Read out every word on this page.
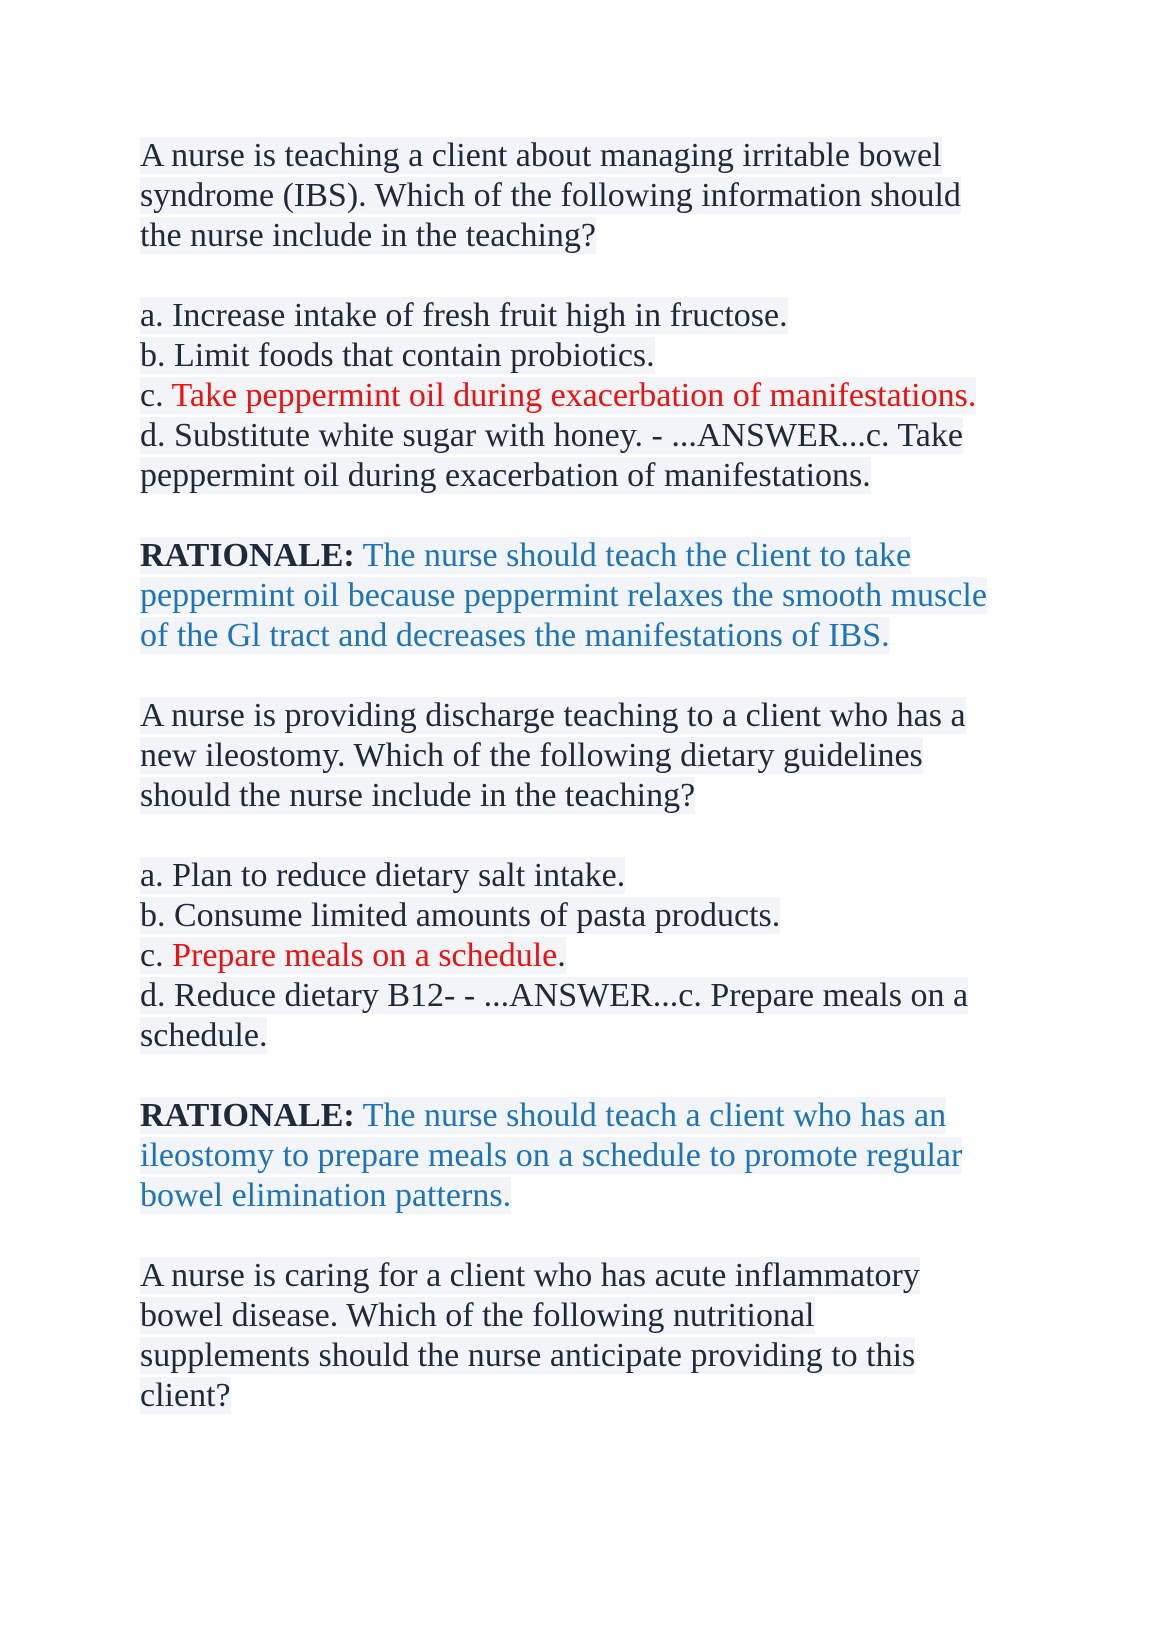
A nurse is teaching a client about managing irritable bowel
syndrome (IBS). Which of the following information should
the nurse include in the teaching?
a. Increase intake of fresh fruit high in fructose.
b. Limit foods that contain probiotics.
c. Take peppermint oil during exacerbation of manifestations.
d. Substitute white sugar with honey. - ...ANSWER...c. Take
peppermint oil during exacerbation of manifestations.
RATIONALE: The nurse should teach the client to take
peppermint oil because peppermint relaxes the smooth muscle
of the Gl tract and decreases the manifestations of IBS.
A nurse is providing discharge teaching to a client who has a
new ileostomy. Which of the following dietary guidelines
should the nurse include in the teaching?
a. Plan to reduce dietary salt intake.
b. Consume limited amounts of pasta products.
c. Prepare meals on a schedule.
d. Reduce dietary B12- - ...ANSWER...c. Prepare meals on a
schedule.
RATIONALE: The nurse should teach a client who has an
ileostomy to prepare meals on a schedule to promote regular
bowel elimination patterns.
A nurse is caring for a client who has acute inflammatory
bowel disease. Which of the following nutritional
supplements should the nurse anticipate providing to this
client?
